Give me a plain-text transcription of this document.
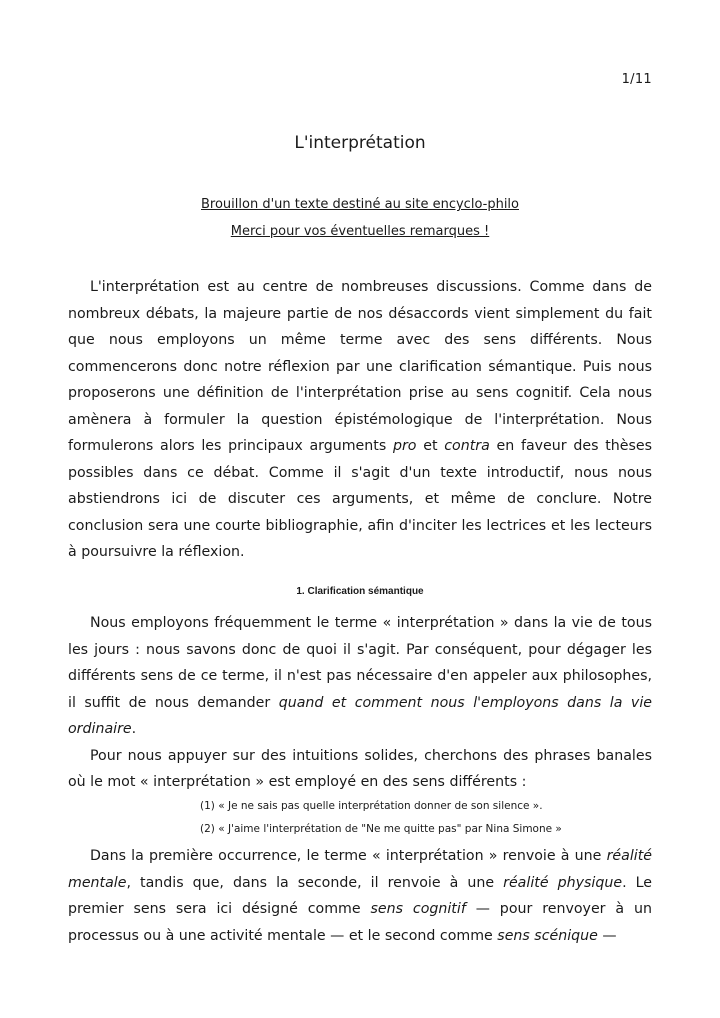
1/11
L'interprétation
Brouillon d'un texte destiné au site encyclo-philo
Merci pour vos éventuelles remarques !

L'interprétation est au centre de nombreuses discussions. Comme dans de nombreux débats, la majeure partie de nos désaccords vient simplement du fait que nous employons un même terme avec des sens différents. Nous commencerons donc notre réflexion par une clarification sémantique. Puis nous proposerons une définition de l'interprétation prise au sens cognitif. Cela nous amènera à formuler la question épistémologique de l'interprétation. Nous formulerons alors les principaux arguments pro et contra en faveur des thèses possibles dans ce débat. Comme il s'agit d'un texte introductif, nous nous abstiendrons ici de discuter ces arguments, et même de conclure. Notre conclusion sera une courte bibliographie, afin d'inciter les lectrices et les lecteurs à poursuivre la réflexion.

1. Clarification sémantique

Nous employons fréquemment le terme « interprétation » dans la vie de tous les jours : nous savons donc de quoi il s'agit. Par conséquent, pour dégager les différents sens de ce terme, il n'est pas nécessaire d'en appeler aux philosophes, il suffit de nous demander quand et comment nous l'employons dans la vie ordinaire.

Pour nous appuyer sur des intuitions solides, cherchons des phrases banales où le mot « interprétation » est employé en des sens différents :

(1) « Je ne sais pas quelle interprétation donner de son silence ».
(2) « J'aime l'interprétation de "Ne me quitte pas" par Nina Simone »

Dans la première occurrence, le terme « interprétation » renvoie à une réalité mentale, tandis que, dans la seconde, il renvoie à une réalité physique. Le premier sens sera ici désigné comme sens cognitif — pour renvoyer à un processus ou à une activité mentale — et le second comme sens scénique —
